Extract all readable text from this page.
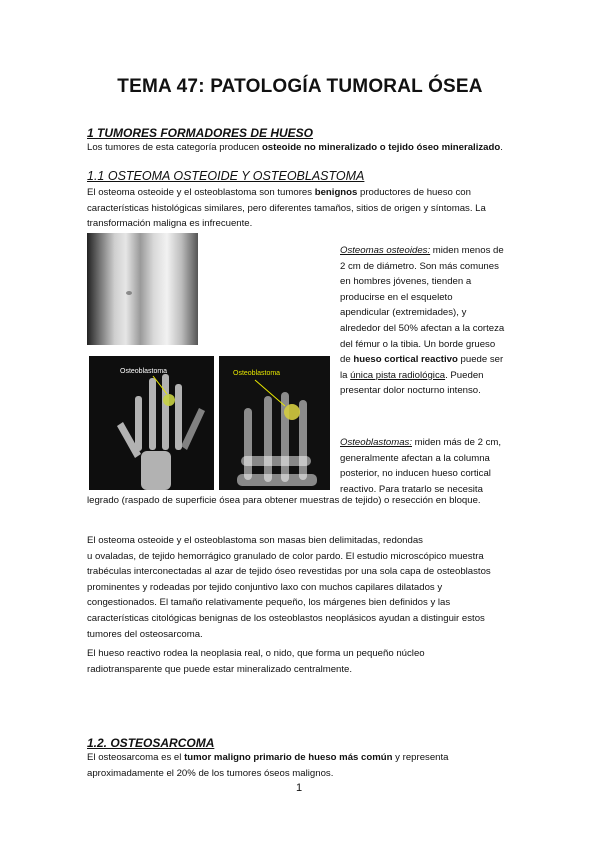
TEMA 47: PATOLOGÍA TUMORAL ÓSEA
1 TUMORES FORMADORES DE HUESO
Los tumores de esta categoría producen osteoide no mineralizado o tejido óseo mineralizado.
1.1 OSTEOMA OSTEOIDE Y OSTEOBLASTOMA
El osteoma osteoide y el osteoblastoma son tumores benignos productores de hueso con
características histológicas similares, pero diferentes tamaños, sitios de origen y síntomas. La
transformación maligna es infrecuente.
Osteoblastoma	Osteoblastoma
Osteomas osteoides: miden menos de
2 cm de diámetro. Son más comunes
en hombres jóvenes, tienden a
producirse en el esqueleto
apendicular (extremidades), y
alrededor del 50% afectan a la corteza
del fémur o la tibia. Un borde grueso
de hueso cortical reactivo puede ser
la única pista radiológica. Pueden
presentar dolor nocturno intenso.
Osteoblastomas: miden más de 2 cm,
generalmente afectan a la columna
posterior, no inducen hueso cortical
reactivo. Para tratarlo se necesita
legrado (raspado de superficie ósea para obtener muestras de tejido) o resección en bloque.
El osteoma osteoide y el osteoblastoma son masas bien delimitadas, redondas
u ovaladas, de tejido hemorrágico granulado de color pardo. El estudio microscópico muestra
trabéculas interconectadas al azar de tejido óseo revestidas por una sola capa de osteoblastos
prominentes y rodeadas por tejido conjuntivo laxo con muchos capilares dilatados y
congestionados. El tamaño relativamente pequeño, los márgenes bien definidos y las
características citológicas benignas de los osteoblastos neoplásicos ayudan a distinguir estos
tumores del osteosarcoma.
El hueso reactivo rodea la neoplasia real, o nido, que forma un pequeño núcleo
radiotransparente que puede estar mineralizado centralmente.
1.2. OSTEOSARCOMA
El osteosarcoma es el tumor maligno primario de hueso más común y representa
aproximadamente el 20% de los tumores óseos malignos.
1
